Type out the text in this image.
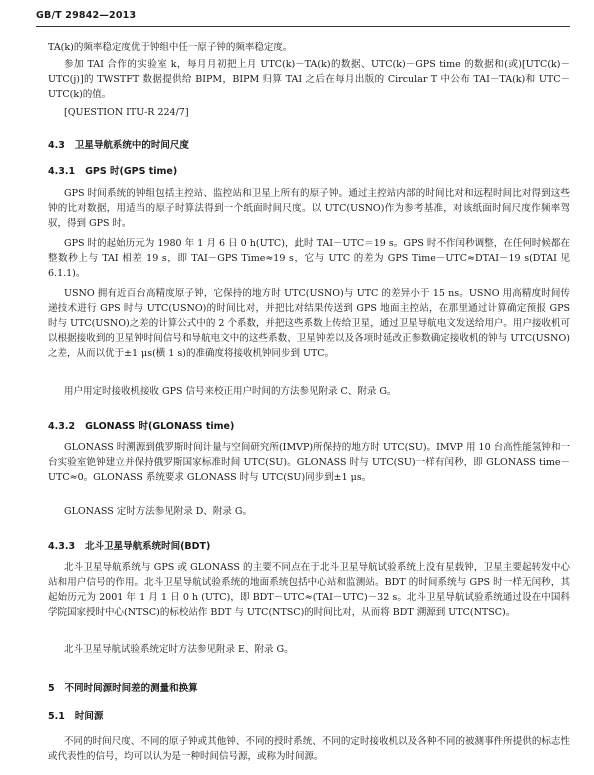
GB/T 29842—2013
TA(k)的频率稳定度优于钟组中任一原子钟的频率稳定度。
参加 TAI 合作的实验室 k，每月月初把上月 UTC(k)－TA(k)的数据、UTC(k)－GPS time 的数据和(或)[UTC(k)－UTC(j)]的 TWSTFT 数据提供给 BIPM，BIPM 归算 TAI 之后在每月出版的 Circular T 中公布 TAI－TA(k)和 UTC－UTC(k)的值。
[QUESTION ITU-R 224/7]
4.3 卫星导航系统中的时间尺度
4.3.1 GPS 时(GPS time)
GPS 时间系统的钟组包括主控站、监控站和卫星上所有的原子钟。通过主控站内部的时间比对和远程时间比对得到这些钟的比对数据，用适当的原子时算法得到一个纸面时间尺度。以 UTC(USNO)作为参考基准，对该纸面时间尺度作频率驾驭，得到 GPS 时。
GPS 时的起始历元为 1980 年 1 月 6 日 0 h(UTC)，此时 TAI－UTC＝19 s。GPS 时不作闰秒调整，在任何时候都在整数秒上与 TAI 相差 19 s，即 TAI－GPS Time≈19 s，它与 UTC 的差为 GPS Time－UTC≈DTAI－19 s(DTAI 见 6.1.1)。
USNO 拥有近百台高精度原子钟，它保持的地方时 UTC(USNO)与 UTC 的差异小于 15 ns。USNO 用高精度时间传递技术进行 GPS 时与 UTC(USNO)的时间比对，并把比对结果传送到 GPS 地面主控站，在那里通过计算确定预报 GPS 时与 UTC(USNO)之差的计算公式中的 2 个系数，并把这些系数上传给卫星，通过卫星导航电文发送给用户。用户接收机可以根据接收到的卫星钟时间信号和导航电文中的这些系数、卫星钟差以及各项时延改正参数确定接收机的钟与 UTC(USNO)之差，从而以优于±1 μs(横 1 s)的准确度将接收机钟同步到 UTC。
用户用定时接收机接收 GPS 信号来校正用户时间的方法参见附录 C、附录 G。
4.3.2 GLONASS 时(GLONASS time)
GLONASS 时溯源到俄罗斯时间计量与空间研究所(IMVP)所保持的地方时 UTC(SU)。IMVP 用 10 台高性能氢钟和一台实验室铯钟建立并保持俄罗斯国家标准时间 UTC(SU)。GLONASS 时与 UTC(SU)一样有闰秒，即 GLONASS time－UTC≈0。GLONASS 系统要求 GLONASS 时与 UTC(SU)同步到±1 μs。
GLONASS 定时方法参见附录 D、附录 G。
4.3.3 北斗卫星导航系统时间(BDT)
北斗卫星导航系统与 GPS 或 GLONASS 的主要不同点在于北斗卫星导航试验系统上没有星载钟，卫星主要起转发中心站和用户信号的作用。北斗卫星导航试验系统的地面系统包括中心站和监测站。BDT 的时间系统与 GPS 时一样无闰秒，其起始历元为 2001 年 1 月 1 日 0 h (UTC)，即 BDT－UTC≈(TAI－UTC)－32 s。北斗卫星导航试验系统通过设在中国科学院国家授时中心(NTSC)的标校站作 BDT 与 UTC(NTSC)的时间比对，从而将 BDT 溯源到 UTC(NTSC)。
北斗卫星导航试验系统定时方法参见附录 E、附录 G。
5 不同时间源时间差的测量和换算
5.1 时间源
不同的时间尺度、不同的原子钟或其他钟、不同的授时系统、不同的定时接收机以及各种不同的被测事件所提供的标志性或代表性的信号，均可以认为是一种时间信号源，或称为时间源。
